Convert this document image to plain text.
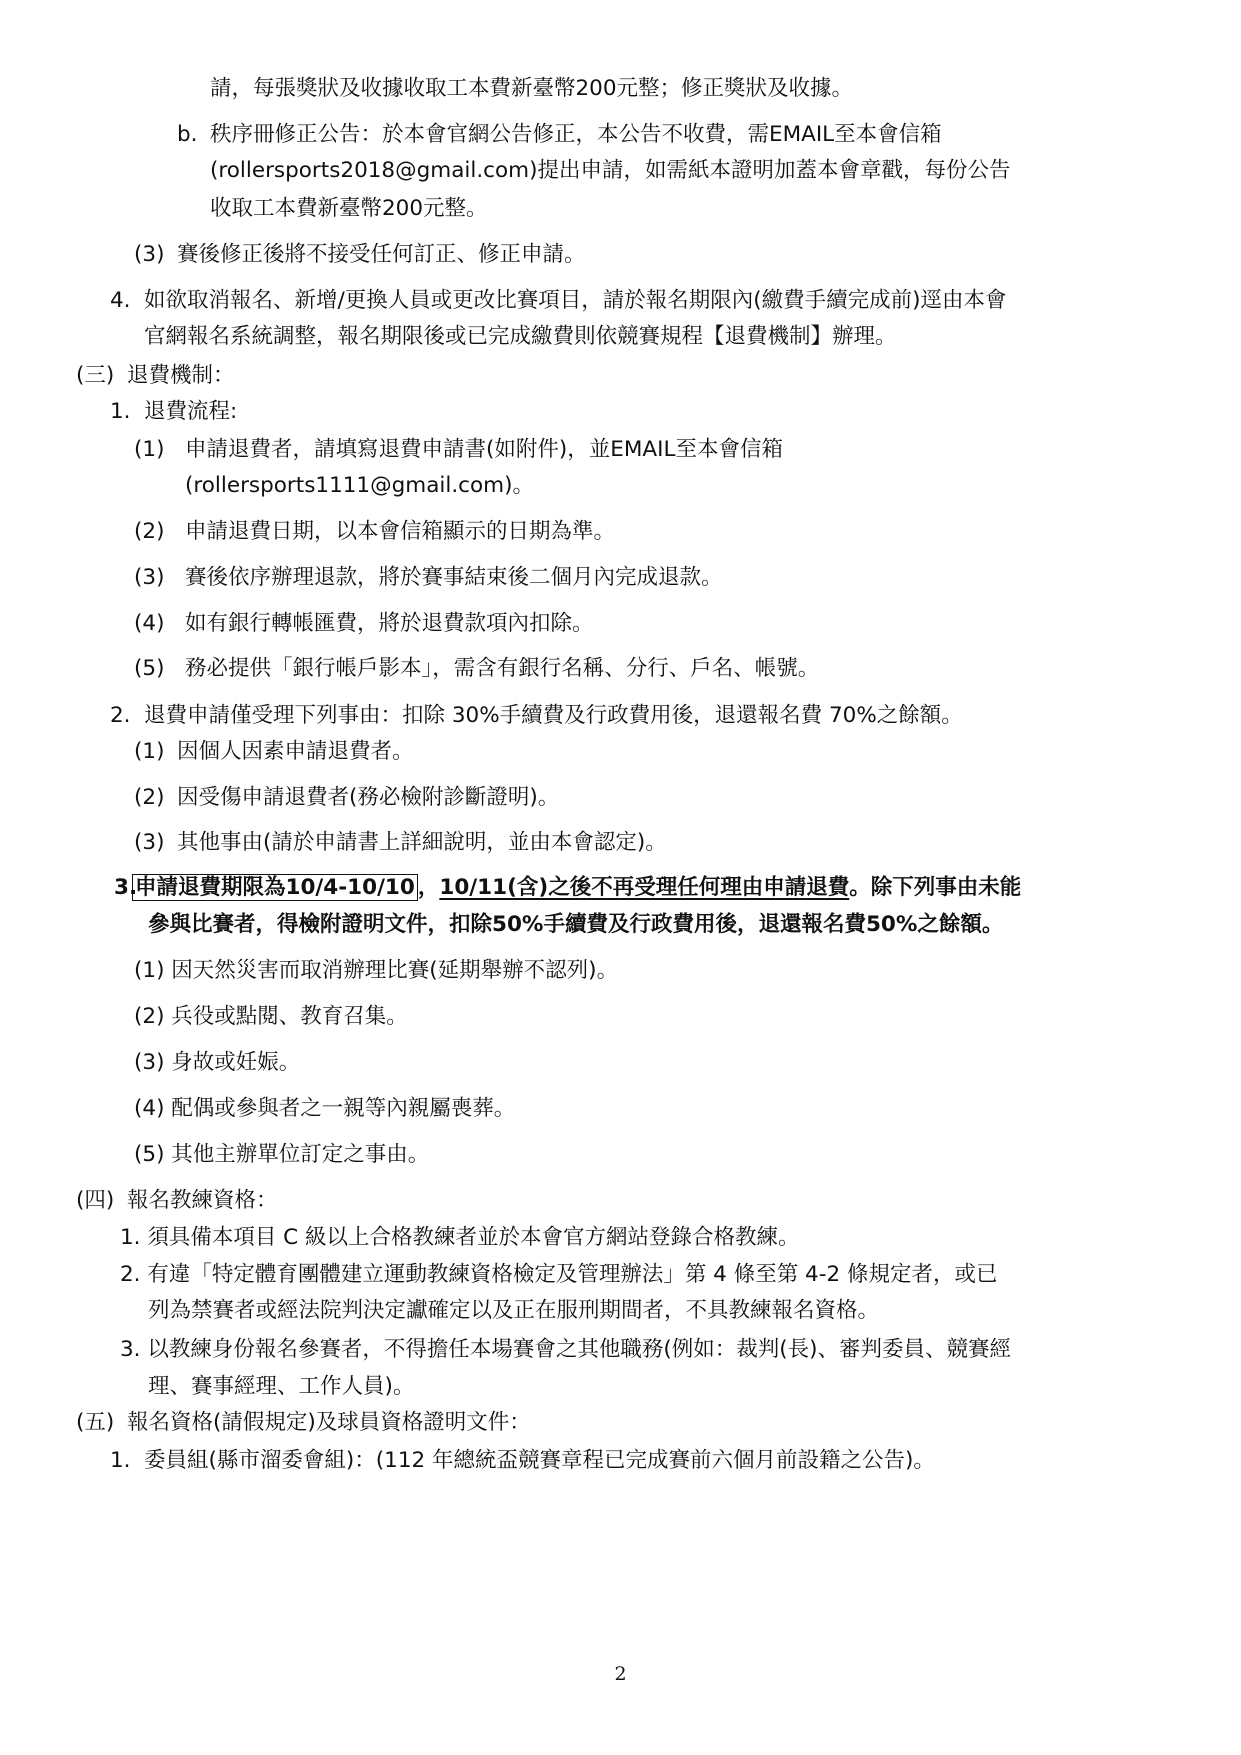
請，每張獎狀及收據收取工本費新臺幣200元整；修正獎狀及收據。
b. 秩序冊修正公告：於本會官網公告修正，本公告不收費，需EMAIL至本會信箱
(rollersports2018@gmail.com)提出申請，如需紙本證明加蓋本會章戳，每份公告
收取工本費新臺幣200元整。
(3) 賽後修正後將不接受任何訂正、修正申請。
4. 如欲取消報名、新增/更換人員或更改比賽項目，請於報名期限內(繳費手續完成前)逕由本會
官網報名系統調整，報名期限後或已完成繳費則依競賽規程【退費機制】辦理。
(三) 退費機制：
1. 退費流程:
(1) 申請退費者，請填寫退費申請書(如附件)，並EMAIL至本會信箱
(rollersports1111@gmail.com)。
(2) 申請退費日期，以本會信箱顯示的日期為準。
(3) 賽後依序辦理退款，將於賽事結束後二個月內完成退款。
(4) 如有銀行轉帳匯費，將於退費款項內扣除。
(5) 務必提供「銀行帳戶影本」，需含有銀行名稱、分行、戶名、帳號。
2. 退費申請僅受理下列事由：扣除 30%手續費及行政費用後，退還報名費 70%之餘額。
(1) 因個人因素申請退費者。
(2) 因受傷申請退費者(務必檢附診斷證明)。
(3) 其他事由(請於申請書上詳細說明，並由本會認定)。
3.
申請退費期限為10/4-10/10 ，10/11(含)之後不再受理任何理由申請退費。除下列事由未能
參與比賽者，得檢附證明文件，扣除50%手續費及行政費用後，退還報名費50%之餘額。
(1) 因天然災害而取消辦理比賽(延期舉辦不認列)。
(2) 兵役或點閱、教育召集。
(3) 身故或妊娠。
(4) 配偶或參與者之一親等內親屬喪葬。
(5) 其他主辦單位訂定之事由。
(四) 報名教練資格：
1. 須具備本項目 C 級以上合格教練者並於本會官方網站登錄合格教練。
2. 有違「特定體育團體建立運動教練資格檢定及管理辦法」第 4 條至第 4-2 條規定者，或已
列為禁賽者或經法院判決定讞確定以及正在服刑期間者，不具教練報名資格。
3. 以教練身份報名參賽者，不得擔任本場賽會之其他職務(例如：裁判(長)、審判委員、競賽經
理、賽事經理、工作人員)。
(五) 報名資格(請假規定)及球員資格證明文件：
1. 委員組(縣市溜委會組)：(112 年總統盃競賽章程已完成賽前六個月前設籍之公告)。
2
